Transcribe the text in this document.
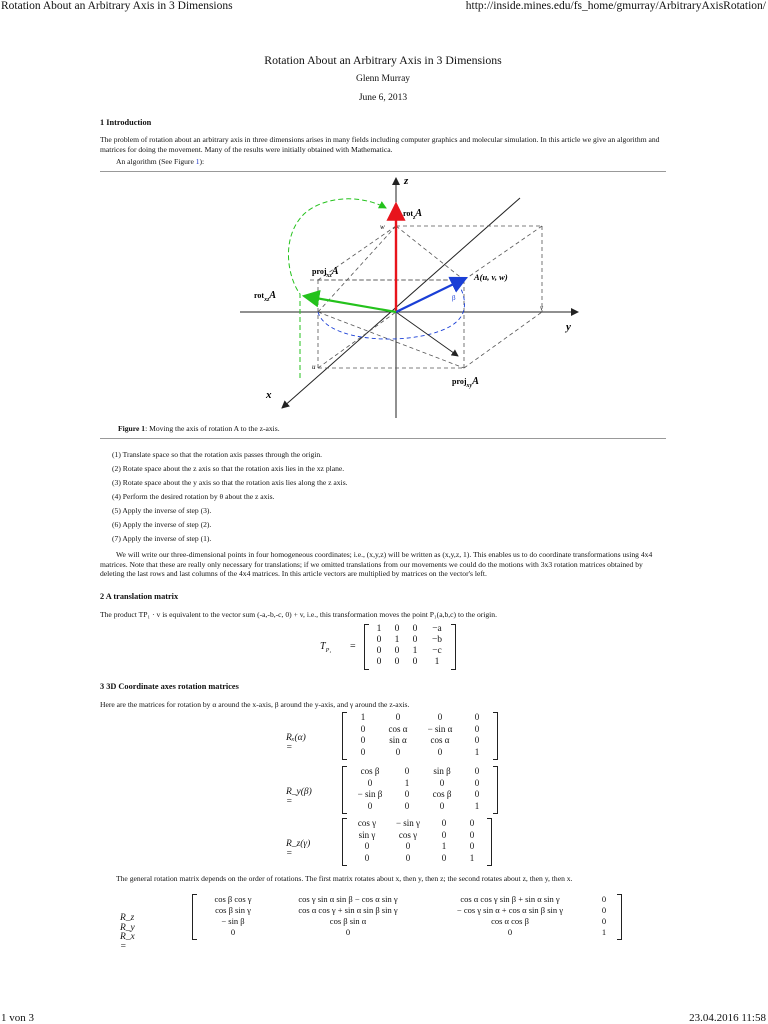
Rotation About an Arbitrary Axis in 3 Dimensions	http://inside.mines.edu/fs_home/gmurray/ArbitraryAxisRotation/
1 von 3	23.04.2016 11:58
Rotation About an Arbitrary Axis in 3 Dimensions
Glenn Murray
June 6, 2013
1 Introduction
The problem of rotation about an arbitrary axis in three dimensions arises in many fields including computer graphics and molecular simulation. In this article we give an algorithm and matrices for doing the movement. Many of the results were initially obtained with Mathematica.
An algorithm (See Figure 1):
z
y
x
w
u
v
rot$_z$A
rot$_{xz}$A
proj$_{xz}$A
proj$_{xy}$A
A(u, v, w)
β
Figure 1: Moving the axis of rotation A to the z-axis.
(1) Translate space so that the rotation axis passes through the origin.
(2) Rotate space about the z axis so that the rotation axis lies in the xz plane.
(3) Rotate space about the y axis so that the rotation axis lies along the z axis.
(4) Perform the desired rotation by θ about the z axis.
(5) Apply the inverse of step (3).
(6) Apply the inverse of step (2).
(7) Apply the inverse of step (1).
We will write our three-dimensional points in four homogeneous coordinates; i.e., (x,y,z) will be written as (x,y,z, 1). This enables us to do coordinate transformations using 4x4 matrices. Note that these are really only necessary for translations; if we omitted translations from our movements we could do the motions with 3x3 rotation matrices obtained by deleting the last rows and last columns of the 4x4 matrices. In this article vectors are multiplied by matrices on the vector's left.
2 A translation matrix
The product TP₁ · v is equivalent to the vector sum (-a,-b,-c, 0) + v, i.e., this transformation moves the point P₁(a,b,c) to the origin.
$T_{P_1}$ =
1
0
0
0
0
1
0
0
0
0
1
0
−a
−b
−c
1
3 3D Coordinate axes rotation matrices
Here are the matrices for rotation by α around the x-axis, β around the y-axis, and γ around the z-axis.
Rₓ(α) =
1
0
0
0
0
cos α
sin α
0
0
− sin α
cos α
0
0
0
0
1
R_y(β) =
cos β
0
− sin β
0
0
1
0
0
sin β
0
cos β
0
0
0
0
1
R_z(γ) =
cos γ
sin γ
0
0
− sin γ
cos γ
0
0
0
0
1
0
0
0
0
1
The general rotation matrix depends on the order of rotations. The first matrix rotates about x, then y, then z; the second rotates about z, then y, then x.
R_z R_y R_x =
cos β cos γ
cos β sin γ
− sin β
0
cos γ sin α sin β − cos α sin γ
cos α cos γ + sin α sin β sin γ
cos β sin α
0
cos α cos γ sin β + sin α sin γ
− cos γ sin α + cos α sin β sin γ
cos α cos β
0
0
0
0
1
